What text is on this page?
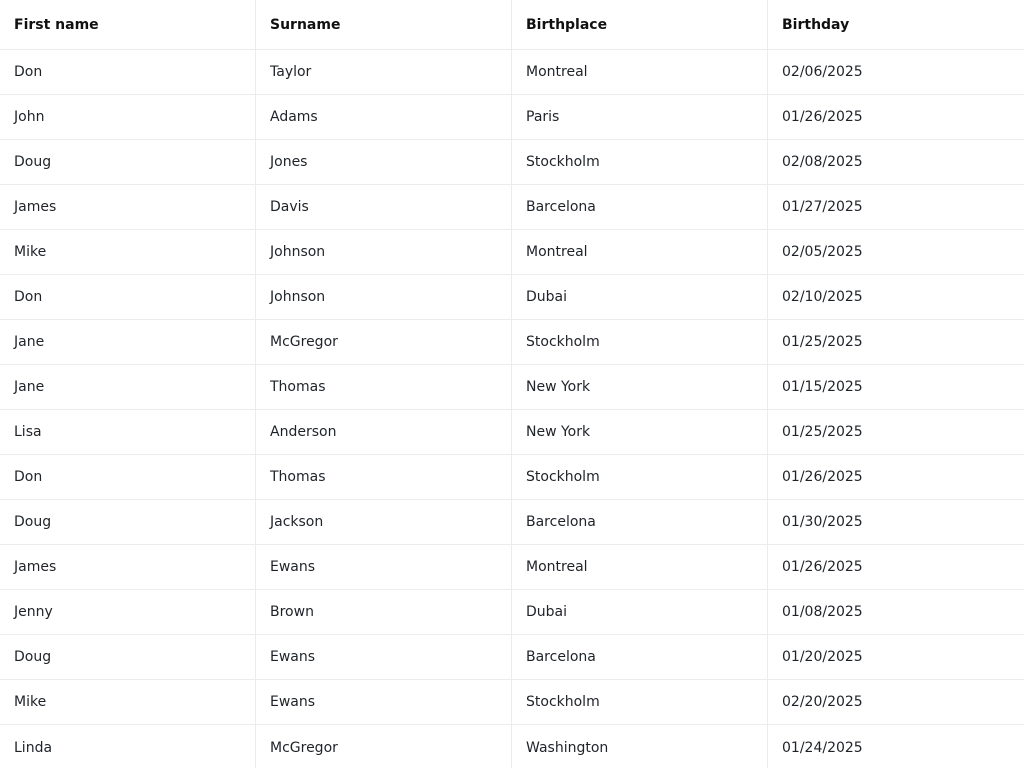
First name	Surname	Birthplace	Birthday
Don	Taylor	Montreal	02/06/2025
John	Adams	Paris	01/26/2025
Doug	Jones	Stockholm	02/08/2025
James	Davis	Barcelona	01/27/2025
Mike	Johnson	Montreal	02/05/2025
Don	Johnson	Dubai	02/10/2025
Jane	McGregor	Stockholm	01/25/2025
Jane	Thomas	New York	01/15/2025
Lisa	Anderson	New York	01/25/2025
Don	Thomas	Stockholm	01/26/2025
Doug	Jackson	Barcelona	01/30/2025
James	Ewans	Montreal	01/26/2025
Jenny	Brown	Dubai	01/08/2025
Doug	Ewans	Barcelona	01/20/2025
Mike	Ewans	Stockholm	02/20/2025
Linda	McGregor	Washington	01/24/2025
